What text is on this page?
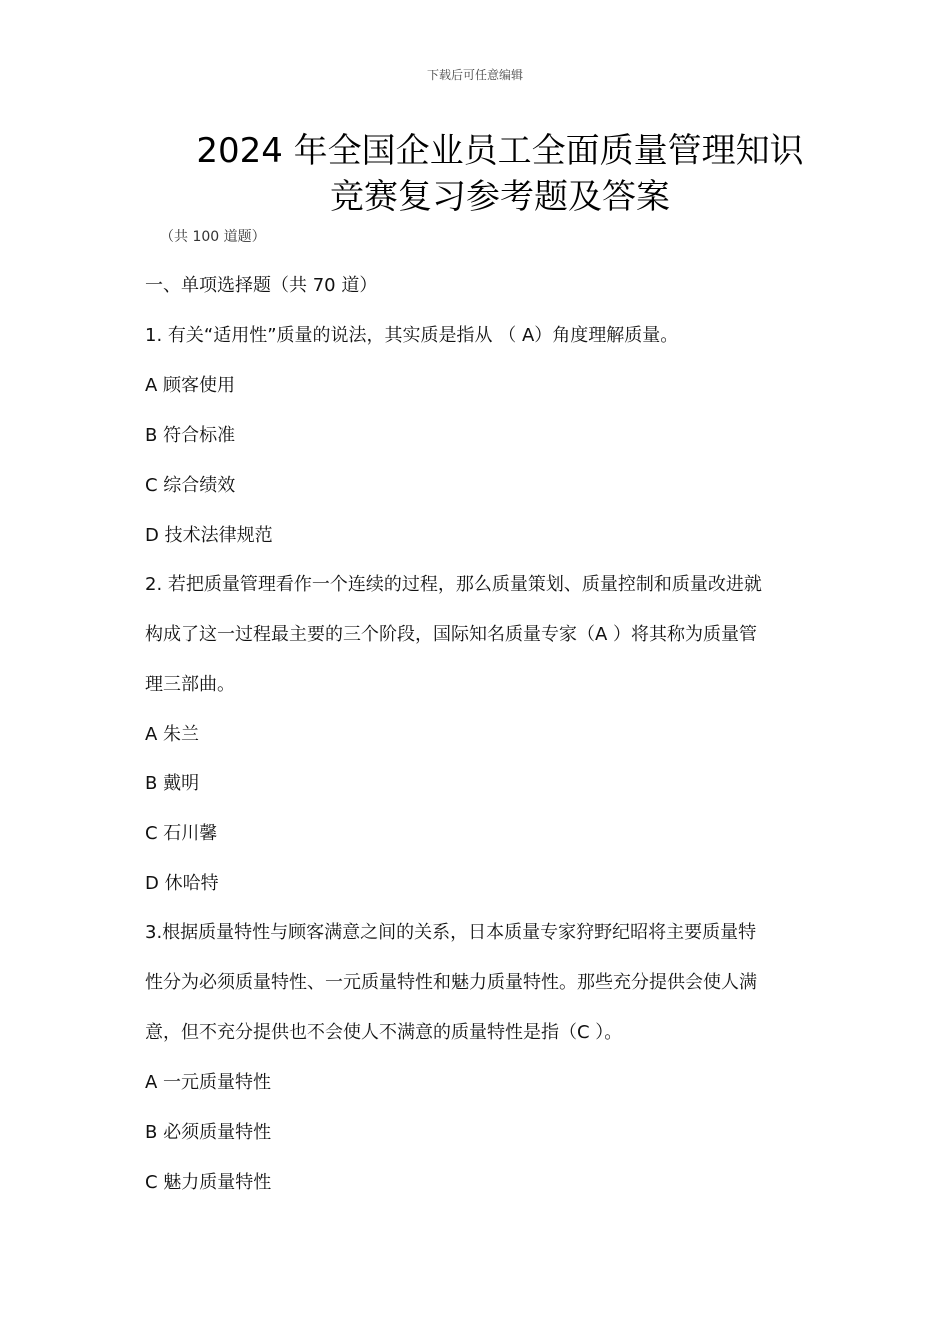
下载后可任意编辑
2024 年全国企业员工全面质量管理知识
竞赛复习参考题及答案
（共 100 道题）
一、单项选择题（共 70 道）
1. 有关“适用性”质量的说法，其实质是指从 （ A）角度理解质量。
A 顾客使用
B 符合标准
C 综合绩效
D 技术法律规范
2. 若把质量管理看作一个连续的过程，那么质量策划、质量控制和质量改进就
构成了这一过程最主要的三个阶段，国际知名质量专家（A ）将其称为质量管
理三部曲。
A 朱兰
B 戴明
C 石川馨
D 休哈特
3.根据质量特性与顾客满意之间的关系，日本质量专家狩野纪昭将主要质量特
性分为必须质量特性、一元质量特性和魅力质量特性。那些充分提供会使人满
意，但不充分提供也不会使人不满意的质量特性是指（C ）。
A 一元质量特性
B 必须质量特性
C 魅力质量特性
